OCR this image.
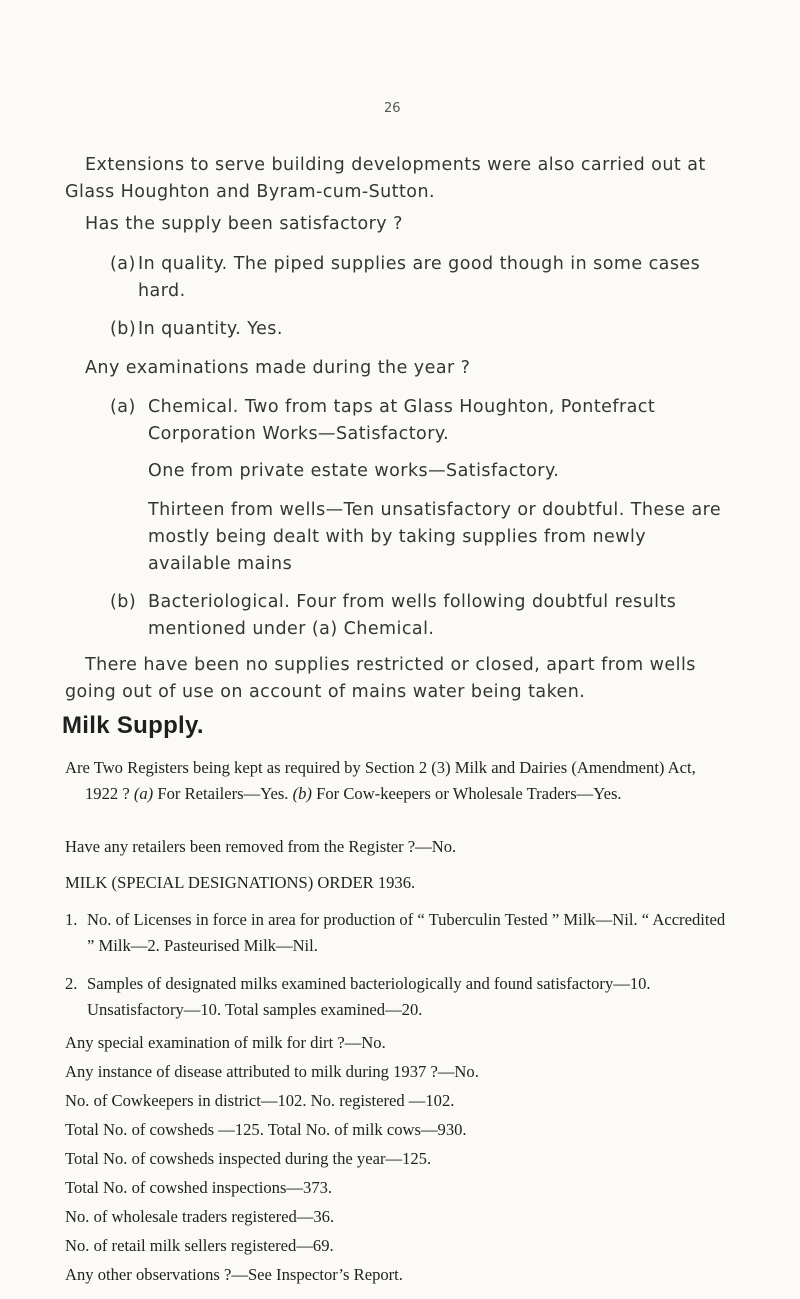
26

Extensions to serve building developments were also carried out at Glass Houghton and Byram-cum-Sutton.

Has the supply been satisfactory ?

(a) In quality. The piped supplies are good though in some cases hard.
(b) In quantity. Yes.

Any examinations made during the year ?

(a) Chemical. Two from taps at Glass Houghton, Pontefract Corporation Works—Satisfactory.

One from private estate works—Satisfactory.

Thirteen from wells—Ten unsatisfactory or doubtful. These are mostly being dealt with by taking supplies from newly available mains

(b) Bacteriological. Four from wells following doubtful results mentioned under (a) Chemical.

There have been no supplies restricted or closed, apart from wells going out of use on account of mains water being taken.

Milk Supply.

Are Two Registers being kept as required by Section 2 (3) Milk and Dairies (Amendment) Act, 1922 ? (a) For Retailers—Yes. (b) For Cow-keepers or Wholesale Traders—Yes.

Have any retailers been removed from the Register ?—No.

MILK (SPECIAL DESIGNATIONS) ORDER 1936.

1. No. of Licenses in force in area for production of “ Tuberculin Tested ” Milk—Nil. “ Accredited ” Milk—2. Pasteurised Milk—Nil.
2. Samples of designated milks examined bacteriologically and found satisfactory—10. Unsatisfactory—10. Total samples examined—20.

Any special examination of milk for dirt ?—No.

Any instance of disease attributed to milk during 1937 ?—No.

No. of Cowkeepers in district—102. No. registered —102.

Total No. of cowsheds —125. Total No. of milk cows—930.

Total No. of cowsheds inspected during the year—125.

Total No. of cowshed inspections—373.

No. of wholesale traders registered—36.

No. of retail milk sellers registered—69.

Any other observations ?—See Inspector’s Report.
